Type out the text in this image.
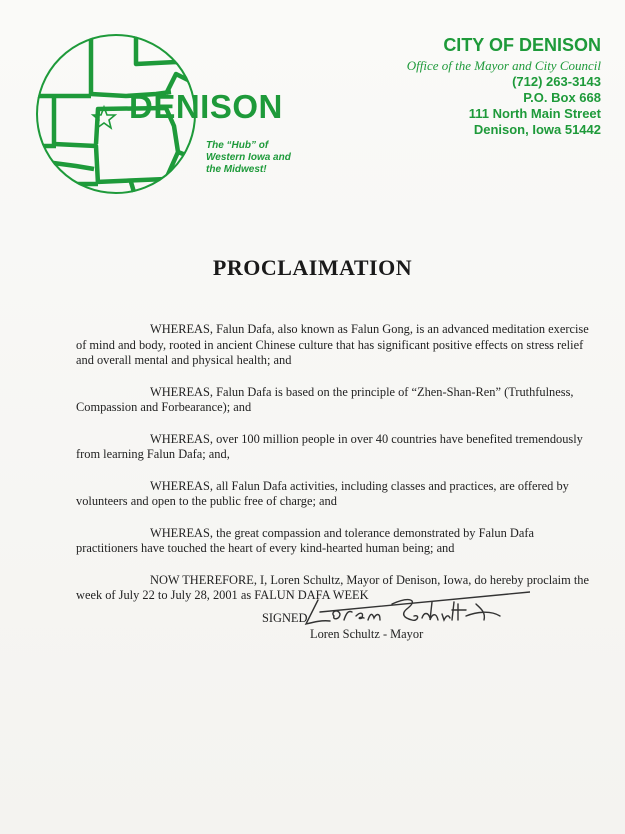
DENISON
The “Hub” of Western Iowa and the Midwest!
CITY OF DENISON
Office of the Mayor and City Council
(712) 263-3143
P.O. Box 668
111 North Main Street
Denison, Iowa 51442
PROCLAIMATION

WHEREAS, Falun Dafa, also known as Falun Gong, is an advanced meditation exercise of mind and body, rooted in ancient Chinese culture that has significant positive effects on stress relief and overall mental and physical health; and

WHEREAS, Falun Dafa is based on the principle of “Zhen-Shan-Ren” (Truthfulness, Compassion and Forbearance); and

WHEREAS, over 100 million people in over 40 countries have benefited tremendously from learning Falun Dafa; and,

WHEREAS, all Falun Dafa activities, including classes and practices, are offered by volunteers and open to the public free of charge; and

WHEREAS, the great compassion and tolerance demonstrated by Falun Dafa practitioners have touched the heart of every kind-hearted human being; and

NOW THEREFORE, I, Loren Schultz, Mayor of Denison, Iowa, do hereby proclaim the week of July 22 to July 28, 2001 as FALUN DAFA WEEK

SIGNED
Loren Schultz - Mayor
